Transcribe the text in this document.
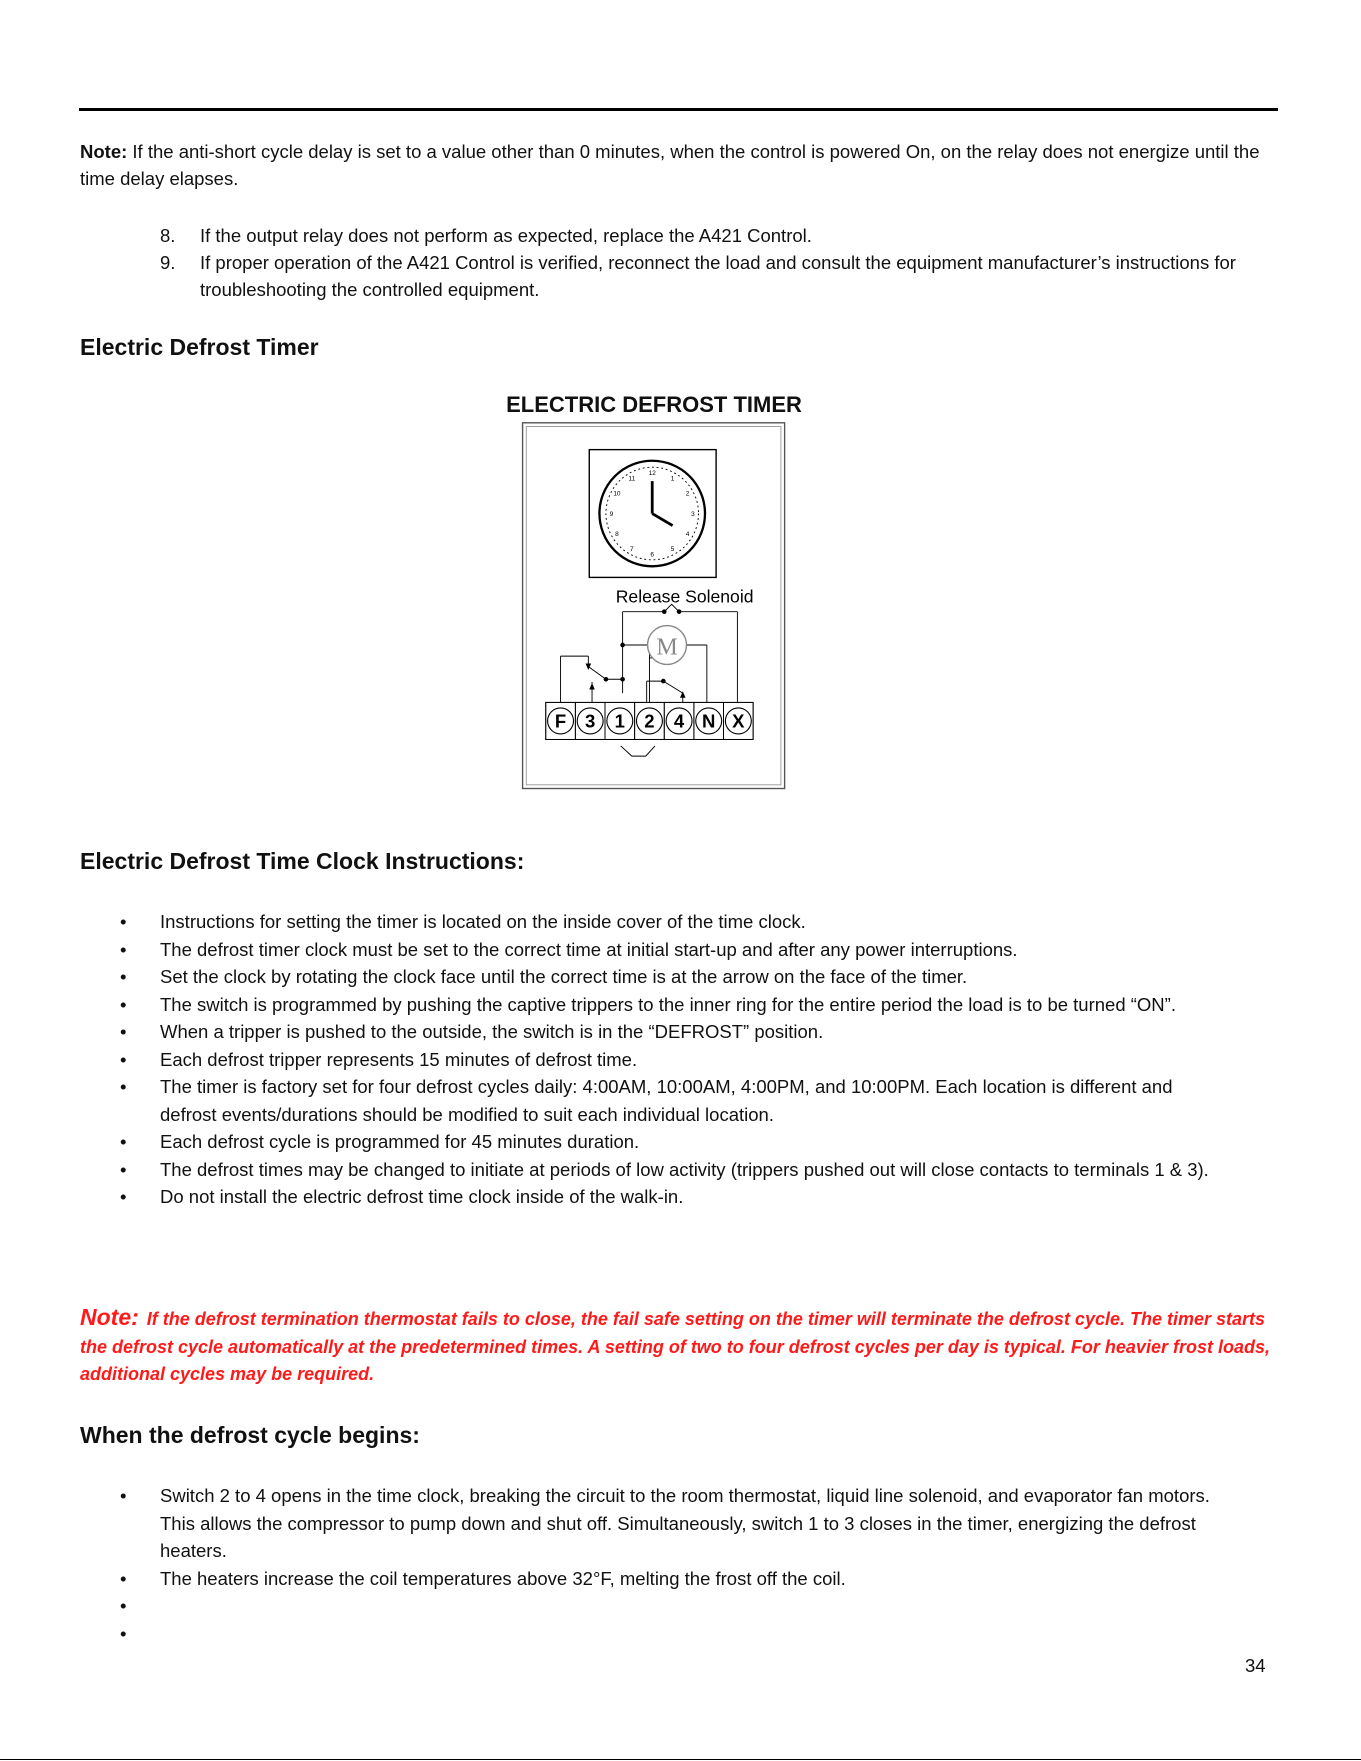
Note: If the anti-short cycle delay is set to a value other than 0 minutes, when the control is powered On, on the relay does not energize until the time delay elapses.
8. If the output relay does not perform as expected, replace the A421 Control.
9. If proper operation of the A421 Control is verified, reconnect the load and consult the equipment manufacturer’s instructions for troubleshooting the controlled equipment.
Electric Defrost Timer
ELECTRIC DEFROST TIMER
12
1
2
3
4
5
6
7
8
9
10
11
Release Solenoid
M
F 3 1 2 4 N X
Electric Defrost Time Clock Instructions:
• Instructions for setting the timer is located on the inside cover of the time clock.
• The defrost timer clock must be set to the correct time at initial start-up and after any power interruptions.
• Set the clock by rotating the clock face until the correct time is at the arrow on the face of the timer.
• The switch is programmed by pushing the captive trippers to the inner ring for the entire period the load is to be turned “ON”.
• When a tripper is pushed to the outside, the switch is in the “DEFROST” position.
• Each defrost tripper represents 15 minutes of defrost time.
• The timer is factory set for four defrost cycles daily: 4:00AM, 10:00AM, 4:00PM, and 10:00PM. Each location is different and defrost events/durations should be modified to suit each individual location.
• Each defrost cycle is programmed for 45 minutes duration.
• The defrost times may be changed to initiate at periods of low activity (trippers pushed out will close contacts to terminals 1 & 3).
• Do not install the electric defrost time clock inside of the walk-in.
Note: If the defrost termination thermostat fails to close, the fail safe setting on the timer will terminate the defrost cycle. The timer starts the defrost cycle automatically at the predetermined times. A setting of two to four defrost cycles per day is typical. For heavier frost loads, additional cycles may be required.
When the defrost cycle begins:
• Switch 2 to 4 opens in the time clock, breaking the circuit to the room thermostat, liquid line solenoid, and evaporator fan motors. This allows the compressor to pump down and shut off. Simultaneously, switch 1 to 3 closes in the timer, energizing the defrost heaters.
• The heaters increase the coil temperatures above 32°F, melting the frost off the coil.
•
•
34
